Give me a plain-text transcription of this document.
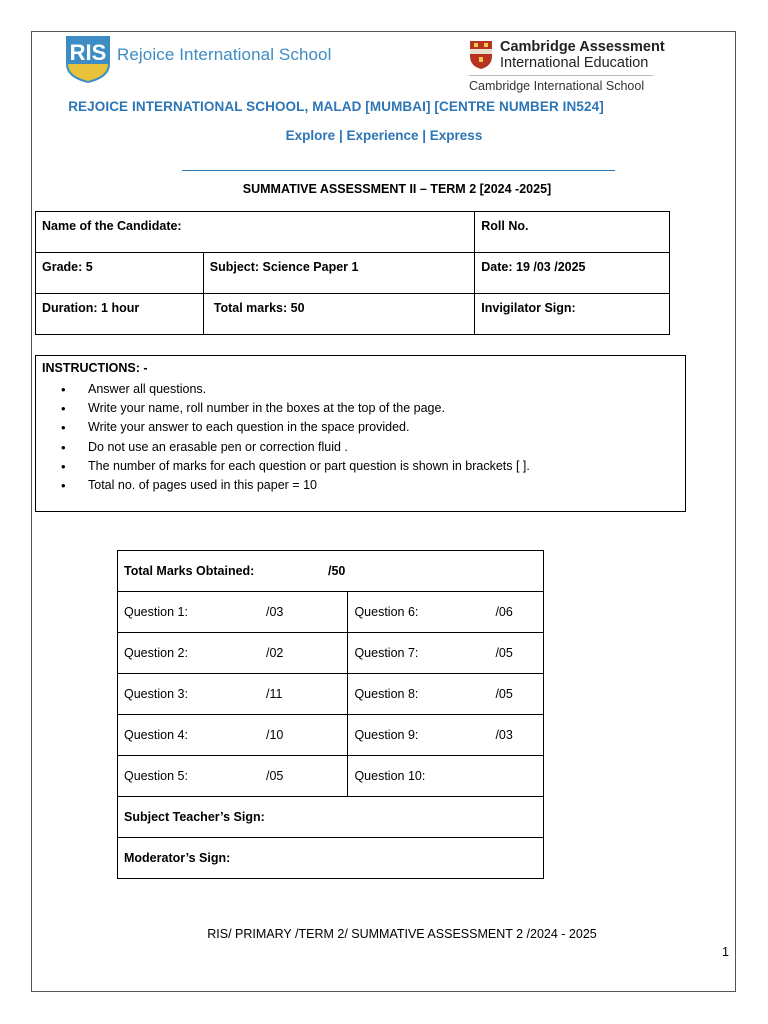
RIS Rejoice International School	Cambridge Assessment
International Education
Cambridge International School
REJOICE INTERNATIONAL SCHOOL, MALAD [MUMBAI] [CENTRE NUMBER IN524]
Explore | Experience | Express
SUMMATIVE ASSESSMENT II – TERM 2 [2024 -2025]
Name of the Candidate:		Roll No.
Grade: 5	Subject: Science Paper 1	Date: 19 /03 /2025
Duration: 1 hour	Total marks: 50	Invigilator Sign:
INSTRUCTIONS: -
• Answer all questions.
• Write your name, roll number in the boxes at the top of the page.
• Write your answer to each question in the space provided.
• Do not use an erasable pen or correction fluid .
• The number of marks for each question or part question is shown in brackets [ ].
• Total no. of pages used in this paper = 10
Total Marks Obtained: /50	

Question 1: /03	Question 6: /06

Question 2: /02	Question 7: /05

Question 3: /11	Question 8: /05

Question 4: /10	Question 9: /03

Question 5: /05	Question 10:

Subject Teacher’s Sign:	
Moderator’s Sign:	
RIS/ PRIMARY /TERM 2/ SUMMATIVE ASSESSMENT 2 /2024 - 2025
1
